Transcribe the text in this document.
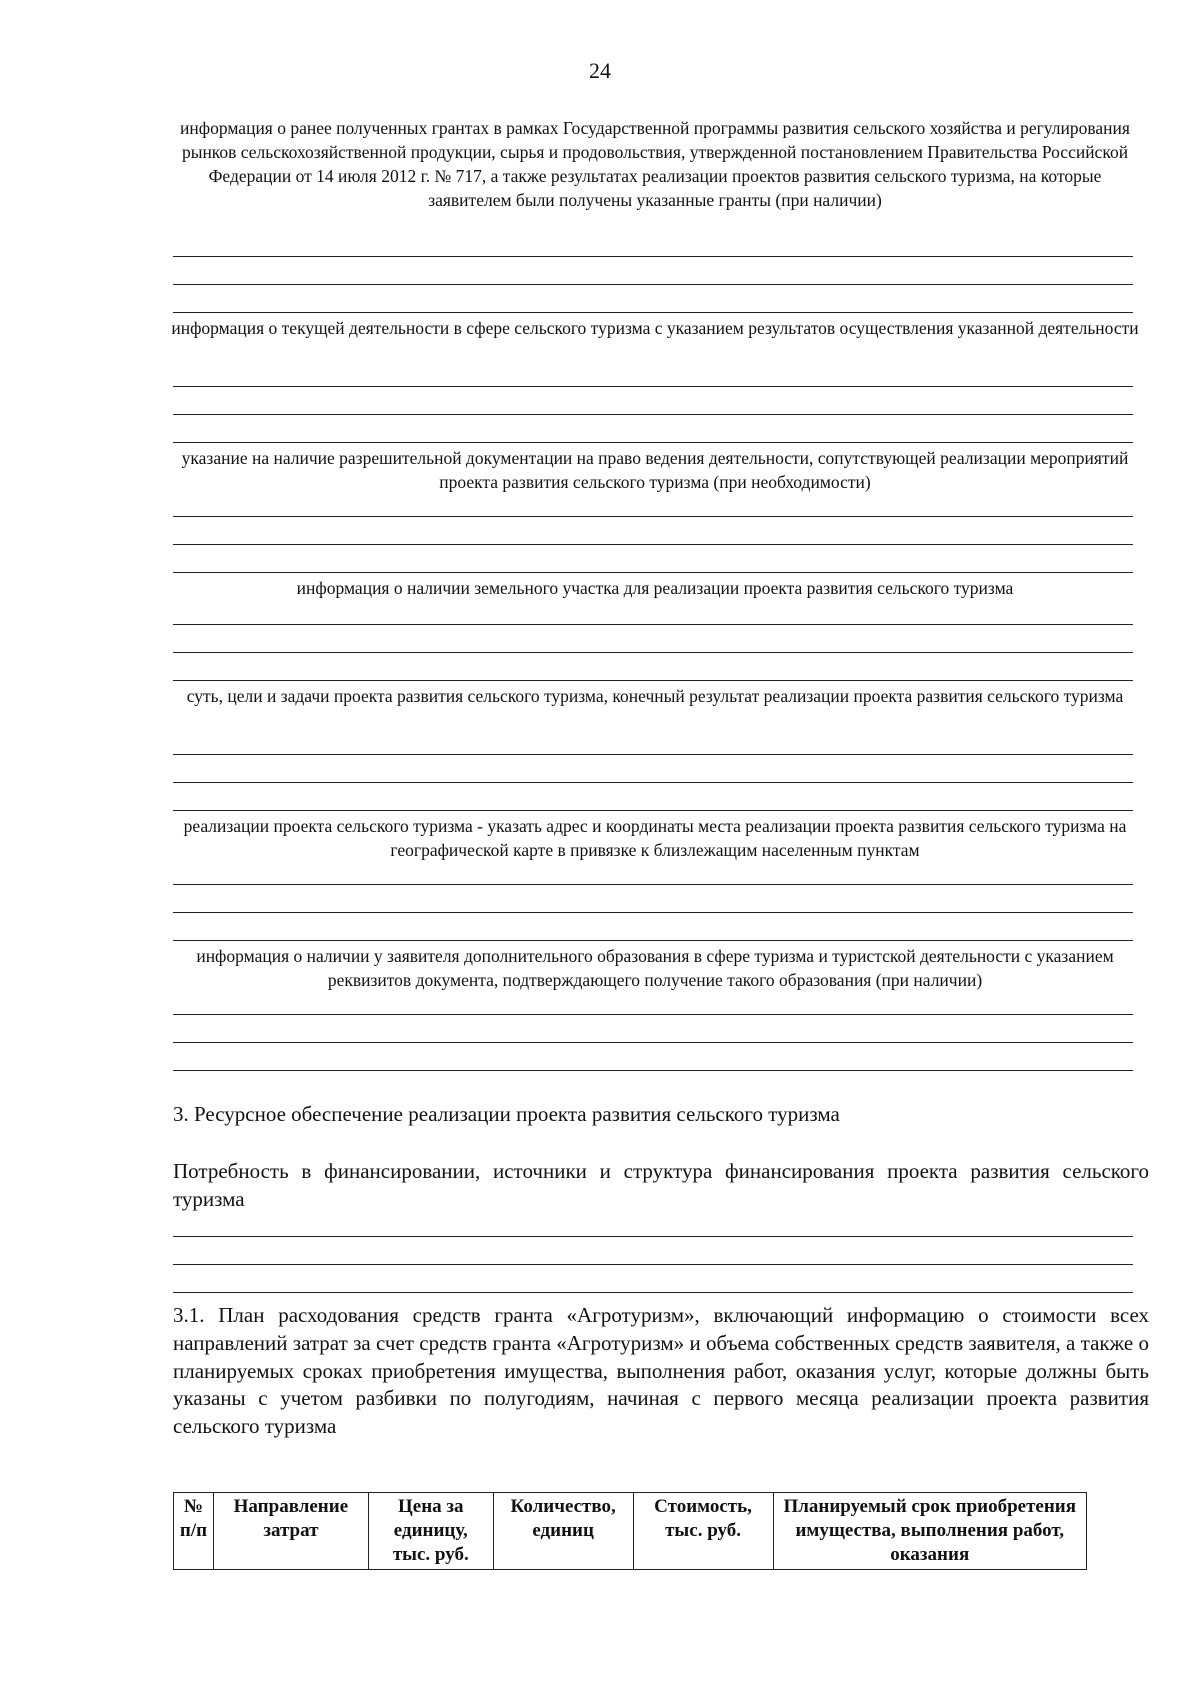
24
информация о ранее полученных грантах в рамках Государственной программы развития сельского хозяйства и регулирования рынков сельскохозяйственной продукции, сырья и продовольствия, утвержденной постановлением Правительства Российской Федерации от 14 июля 2012 г. № 717, а также результатах реализации проектов развития сельского туризма, на которые заявителем были получены указанные гранты (при наличии)
информация о текущей деятельности в сфере сельского туризма с указанием результатов осуществления указанной деятельности
указание на наличие разрешительной документации на право ведения деятельности, сопутствующей реализации мероприятий проекта развития сельского туризма (при необходимости)
информация о наличии земельного участка для реализации проекта развития сельского туризма
суть, цели и задачи проекта развития сельского туризма, конечный результат реализации проекта развития сельского туризма
реализации проекта сельского туризма - указать адрес и координаты места реализации проекта развития сельского туризма на географической карте в привязке к близлежащим населенным пунктам
информация о наличии у заявителя дополнительного образования в сфере туризма и туристской деятельности с указанием реквизитов документа, подтверждающего получение такого образования (при наличии)
3. Ресурсное обеспечение реализации проекта развития сельского туризма
Потребность в финансировании, источники и структура финансирования проекта развития сельского туризма
3.1. План расходования средств гранта «Агротуризм», включающий информацию о стоимости всех направлений затрат за счет средств гранта «Агротуризм» и объема собственных средств заявителя, а также о планируемых сроках приобретения имущества, выполнения работ, оказания услуг, которые должны быть указаны с учетом разбивки по полугодиям, начиная с первого месяца реализации проекта развития сельского туризма
№ п/п	Направление затрат	Цена за единицу, тыс. руб.	Количество, единиц	Стоимость, тыс. руб.	Планируемый срок приобретения имущества, выполнения работ, оказания
